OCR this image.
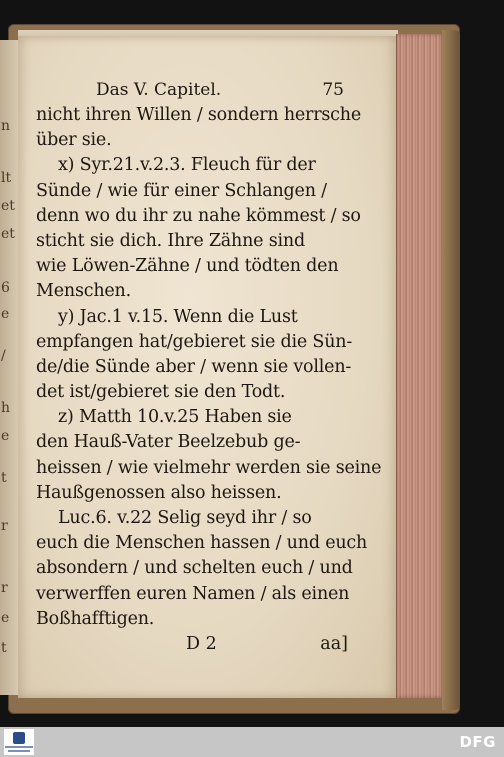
n
lt
et
et
6
e
/
h
e
t
r
r
e
t
Das V. Capitel.	75
nicht ihren Willen / sondern herrsche
über sie.
x) Syr.21.v.2.3. Fleuch für der
Sünde / wie für einer Schlangen /
denn wo du ihr zu nahe kömmest / so
sticht sie dich. Ihre Zähne sind
wie Löwen-Zähne / und tödten den
Menschen.
y) Jac.1 v.15. Wenn die Lust
empfangen hat/gebieret sie die Sün-
de/die Sünde aber / wenn sie vollen-
det ist/gebieret sie den Todt.
z) Matth 10.v.25 Haben sie
den Hauß-Vater Beelzebub ge-
heissen / wie vielmehr werden sie seine
Haußgenossen also heissen.
Luc.6. v.22 Selig seyd ihr / so
euch die Menschen hassen / und euch
absondern / und schelten euch / und
verwerffen euren Namen / als einen
Boßhafftigen.
D 2	aa]
DFG
